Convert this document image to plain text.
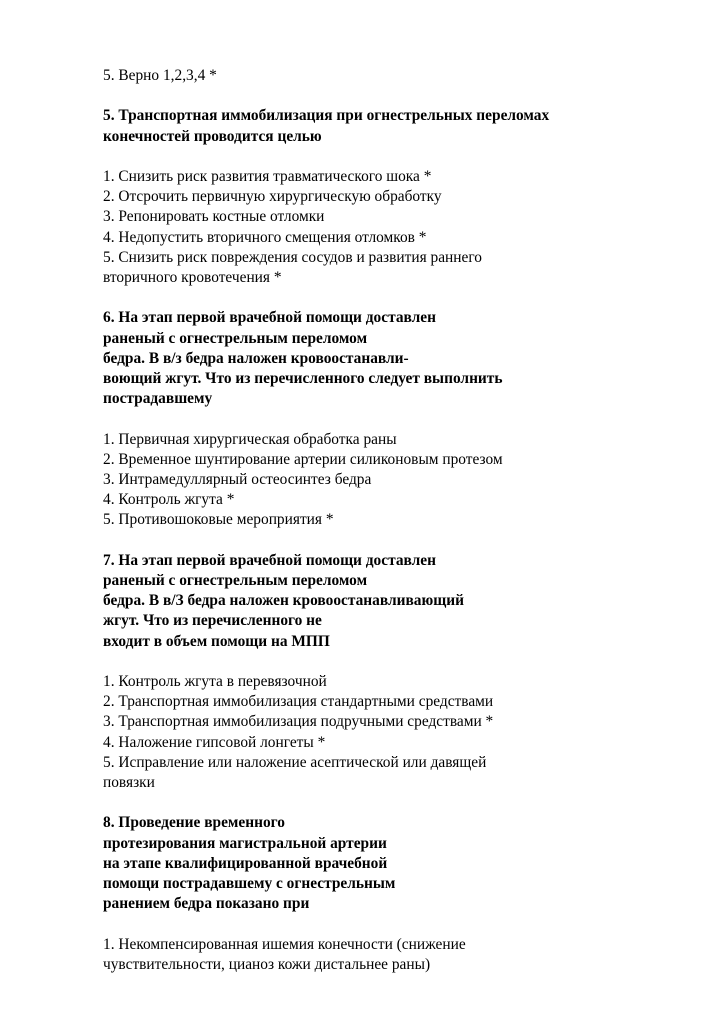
5. Верно 1,2,3,4 *
5. Транспортная иммобилизация при огнестрельных переломах
конечностей проводится целью
1. Снизить риск развития травматического шока *
2. Отсрочить первичную хирургическую обработку
3. Репонировать костные отломки
4. Недопустить вторичного смещения отломков *
5. Снизить риск повреждения сосудов и развития раннего
вторичного кровотечения *
6. На этап первой врачебной помощи доставлен
раненый с огнестрельным переломом
бедра. В в/з бедра наложен кровоостанавли-
воющий жгут. Что из перечисленного следует выполнить
пострадавшему
1. Первичная хирургическая обработка раны
2. Временное шунтирование артерии силиконовым протезом
3. Интрамедуллярный остеосинтез бедра
4. Контроль жгута *
5. Противошоковые мероприятия *
7. На этап первой врачебной помощи доставлен
раненый с огнестрельным переломом
бедра. В в/З бедра наложен кровоостанавливающий
жгут. Что из перечисленного не
входит в объем помощи на МПП
1. Контроль жгута в перевязочной
2. Транспортная иммобилизация стандартными средствами
3. Транспортная иммобилизация подручными средствами *
4. Наложение гипсовой лонгеты *
5. Исправление или наложение асептической или давящей
повязки
8. Проведение временного
протезирования магистральной артерии
на этапе квалифицированной врачебной
помощи пострадавшему с огнестрельным
ранением бедра показано при
1. Некомпенсированная ишемия конечности (снижение
чувствительности, цианоз кожи дистальнее раны)
